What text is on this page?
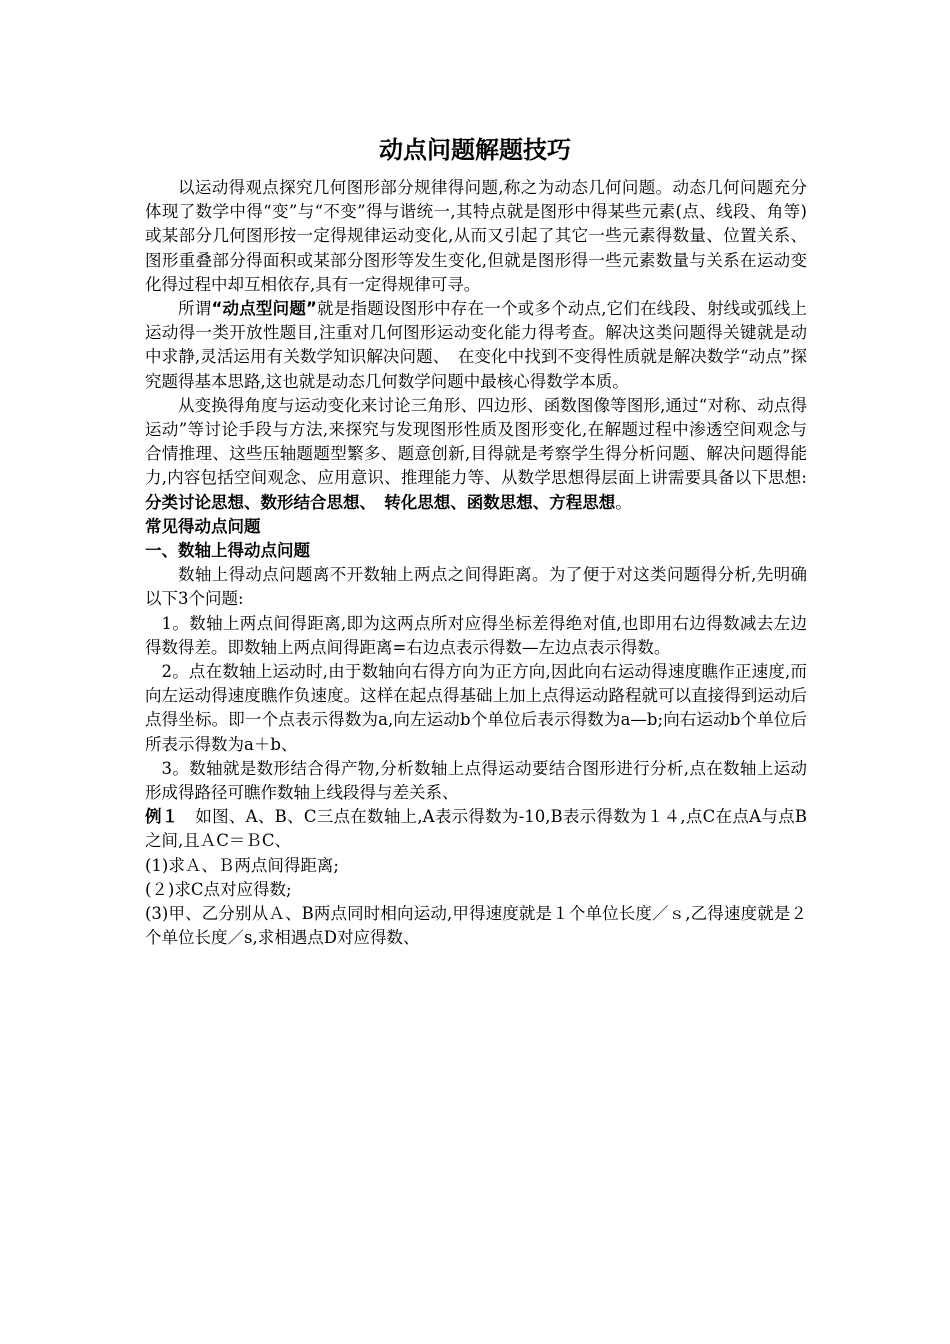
动点问题解题技巧

以运动得观点探究几何图形部分规律得问题,称之为动态几何问题。动态几何问题充分体现了数学中得“变”与“不变”得与谐统一,其特点就是图形中得某些元素(点、线段、角等)或某部分几何图形按一定得规律运动变化,从而又引起了其它一些元素得数量、位置关系、图形重叠部分得面积或某部分图形等发生变化,但就是图形得一些元素数量与关系在运动变化得过程中却互相依存,具有一定得规律可寻。

所谓“动点型问题”就是指题设图形中存在一个或多个动点,它们在线段、射线或弧线上运动得一类开放性题目,注重对几何图形运动变化能力得考查。解决这类问题得关键就是动中求静,灵活运用有关数学知识解决问题、　在变化中找到不变得性质就是解决数学“动点”探究题得基本思路,这也就是动态几何数学问题中最核心得数学本质。

从变换得角度与运动变化来讨论三角形、四边形、函数图像等图形,通过“对称、动点得运动”等讨论手段与方法,来探究与发现图形性质及图形变化,在解题过程中渗透空间观念与合情推理、这些压轴题题型繁多、题意创新,目得就是考察学生得分析问题、解决问题得能力,内容包括空间观念、应用意识、推理能力等、从数学思想得层面上讲需要具备以下思想:分类讨论思想、数形结合思想、　转化思想、函数思想、方程思想。

常见得动点问题

一、数轴上得动点问题

数轴上得动点问题离不开数轴上两点之间得距离。为了便于对这类问题得分析,先明确以下3个问题:

1。数轴上两点间得距离,即为这两点所对应得坐标差得绝对值,也即用右边得数减去左边得数得差。即数轴上两点间得距离=右边点表示得数—左边点表示得数。

2。点在数轴上运动时,由于数轴向右得方向为正方向,因此向右运动得速度瞧作正速度,而向左运动得速度瞧作负速度。这样在起点得基础上加上点得运动路程就可以直接得到运动后点得坐标。即一个点表示得数为a,向左运动b个单位后表示得数为a—b;向右运动b个单位后所表示得数为a＋b、

3。数轴就是数形结合得产物,分析数轴上点得运动要结合图形进行分析,点在数轴上运动形成得路径可瞧作数轴上线段得与差关系、

例１　如图、A、B、C三点在数轴上,A表示得数为-10,B表示得数为１４,点C在点A与点B之间,且ＡC＝ＢC、

(1)求Ａ、Ｂ两点间得距离;

(２)求C点对应得数;

(3)甲、乙分别从Ａ、B两点同时相向运动,甲得速度就是１个单位长度／ｓ,乙得速度就是２个单位长度／s,求相遇点D对应得数、
